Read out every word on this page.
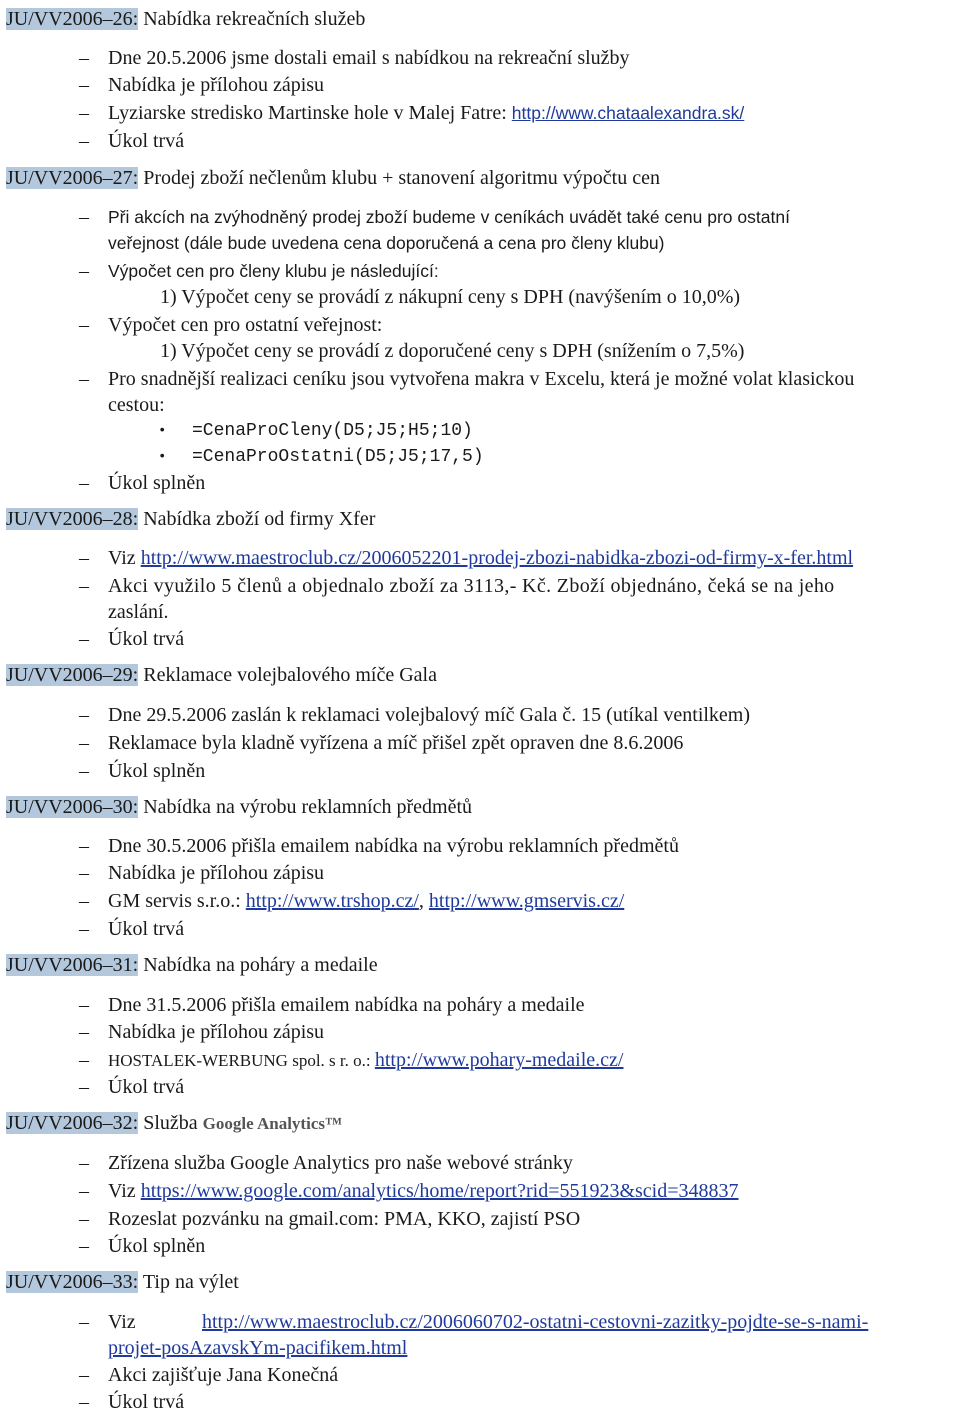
JU/VV2006–26: Nabídka rekreačních služeb
– Dne 20.5.2006 jsme dostali email s nabídkou na rekreační služby
– Nabídka je přílohou zápisu
– Lyziarske stredisko Martinske hole v Malej Fatre: http://www.chataalexandra.sk/
– Úkol trvá
JU/VV2006–27: Prodej zboží nečlenům klubu + stanovení algoritmu výpočtu cen
– Při akcích na zvýhodněný prodej zboží budeme v ceníkách uvádět také cenu pro ostatní
veřejnost (dále bude uvedena cena doporučená a cena pro členy klubu)
– Výpočet cen pro členy klubu je následující:
1) Výpočet ceny se provádí z nákupní ceny s DPH (navýšením o 10,0%)
– Výpočet cen pro ostatní veřejnost:
1) Výpočet ceny se provádí z doporučené ceny s DPH (snížením o 7,5%)
– Pro snadnější realizaci ceníku jsou vytvořena makra v Excelu, která je možné volat klasickou
cestou:
• =CenaProCleny(D5;J5;H5;10)
• =CenaProOstatni(D5;J5;17,5)
– Úkol splněn
JU/VV2006–28: Nabídka zboží od firmy Xfer
– Viz http://www.maestroclub.cz/2006052201-prodej-zbozi-nabidka-zbozi-od-firmy-x-fer.html
– Akci využilo 5 členů a objednalo zboží za 3113,- Kč. Zboží objednáno, čeká se na jeho
zaslání.
– Úkol trvá
JU/VV2006–29: Reklamace volejbalového míče Gala
– Dne 29.5.2006 zaslán k reklamaci volejbalový míč Gala č. 15 (utíkal ventilkem)
– Reklamace byla kladně vyřízena a míč přišel zpět opraven dne 8.6.2006
– Úkol splněn
JU/VV2006–30: Nabídka na výrobu reklamních předmětů
– Dne 30.5.2006 přišla emailem nabídka na výrobu reklamních předmětů
– Nabídka je přílohou zápisu
– GM servis s.r.o.: http://www.trshop.cz/, http://www.gmservis.cz/
– Úkol trvá
JU/VV2006–31: Nabídka na poháry a medaile
– Dne 31.5.2006 přišla emailem nabídka na poháry a medaile
– Nabídka je přílohou zápisu
– HOSTALEK-WERBUNG spol. s r. o.: http://www.pohary-medaile.cz/
– Úkol trvá
JU/VV2006–32: Služba Google Analytics™
– Zřízena služba Google Analytics pro naše webové stránky
– Viz https://www.google.com/analytics/home/report?rid=551923&scid=348837
– Rozeslat pozvánku na gmail.com: PMA, KKO, zajistí PSO
– Úkol splněn
JU/VV2006–33: Tip na výlet
– Viz	http://www.maestroclub.cz/2006060702-ostatni-cestovni-zazitky-pojdte-se-s-nami-
projet-posAzavskYm-pacifikem.html
– Akci zajišťuje Jana Konečná
– Úkol trvá
